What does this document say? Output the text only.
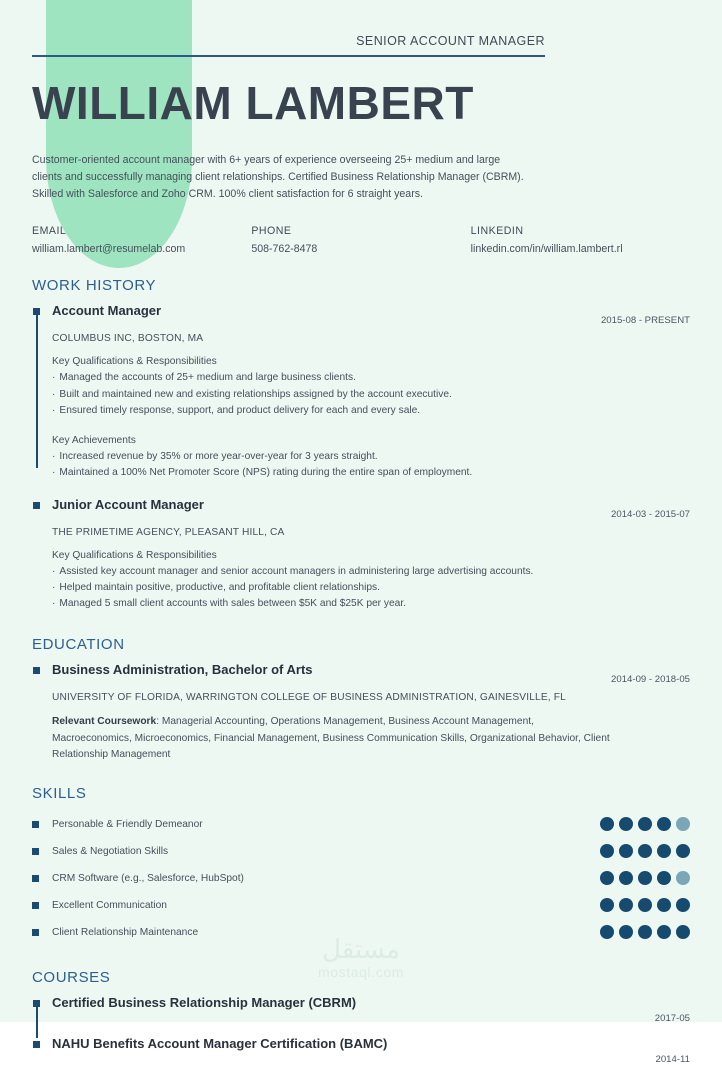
SENIOR ACCOUNT MANAGER
WILLIAM LAMBERT
Customer-oriented account manager with 6+ years of experience overseeing 25+ medium and large clients and successfully managing client relationships. Certified Business Relationship Manager (CBRM). Skilled with Salesforce and Zoho CRM. 100% client satisfaction for 6 straight years.
EMAIL
william.lambert@resumelab.com
PHONE
508-762-8478
LINKEDIN
linkedin.com/in/william.lambert.rl
WORK HISTORY
Account Manager
2015-08 - PRESENT
COLUMBUS INC, BOSTON, MA
Key Qualifications & Responsibilities
· Managed the accounts of 25+ medium and large business clients.
· Built and maintained new and existing relationships assigned by the account executive.
· Ensured timely response, support, and product delivery for each and every sale.
Key Achievements
· Increased revenue by 35% or more year-over-year for 3 years straight.
· Maintained a 100% Net Promoter Score (NPS) rating during the entire span of employment.
Junior Account Manager
2014-03 - 2015-07
THE PRIMETIME AGENCY, PLEASANT HILL, CA
Key Qualifications & Responsibilities
· Assisted key account manager and senior account managers in administering large advertising accounts.
· Helped maintain positive, productive, and profitable client relationships.
· Managed 5 small client accounts with sales between $5K and $25K per year.
EDUCATION
Business Administration, Bachelor of Arts
2014-09 - 2018-05
UNIVERSITY OF FLORIDA, WARRINGTON COLLEGE OF BUSINESS ADMINISTRATION, GAINESVILLE, FL
Relevant Coursework: Managerial Accounting, Operations Management, Business Account Management, Macroeconomics, Microeconomics, Financial Management, Business Communication Skills, Organizational Behavior, Client Relationship Management
SKILLS
Personable & Friendly Demeanor
Sales & Negotiation Skills
CRM Software (e.g., Salesforce, HubSpot)
Excellent Communication
Client Relationship Maintenance
COURSES
Certified Business Relationship Manager (CBRM)
2017-05
NAHU Benefits Account Manager Certification (BAMC)
2014-11
مستقل
mostaql.com
